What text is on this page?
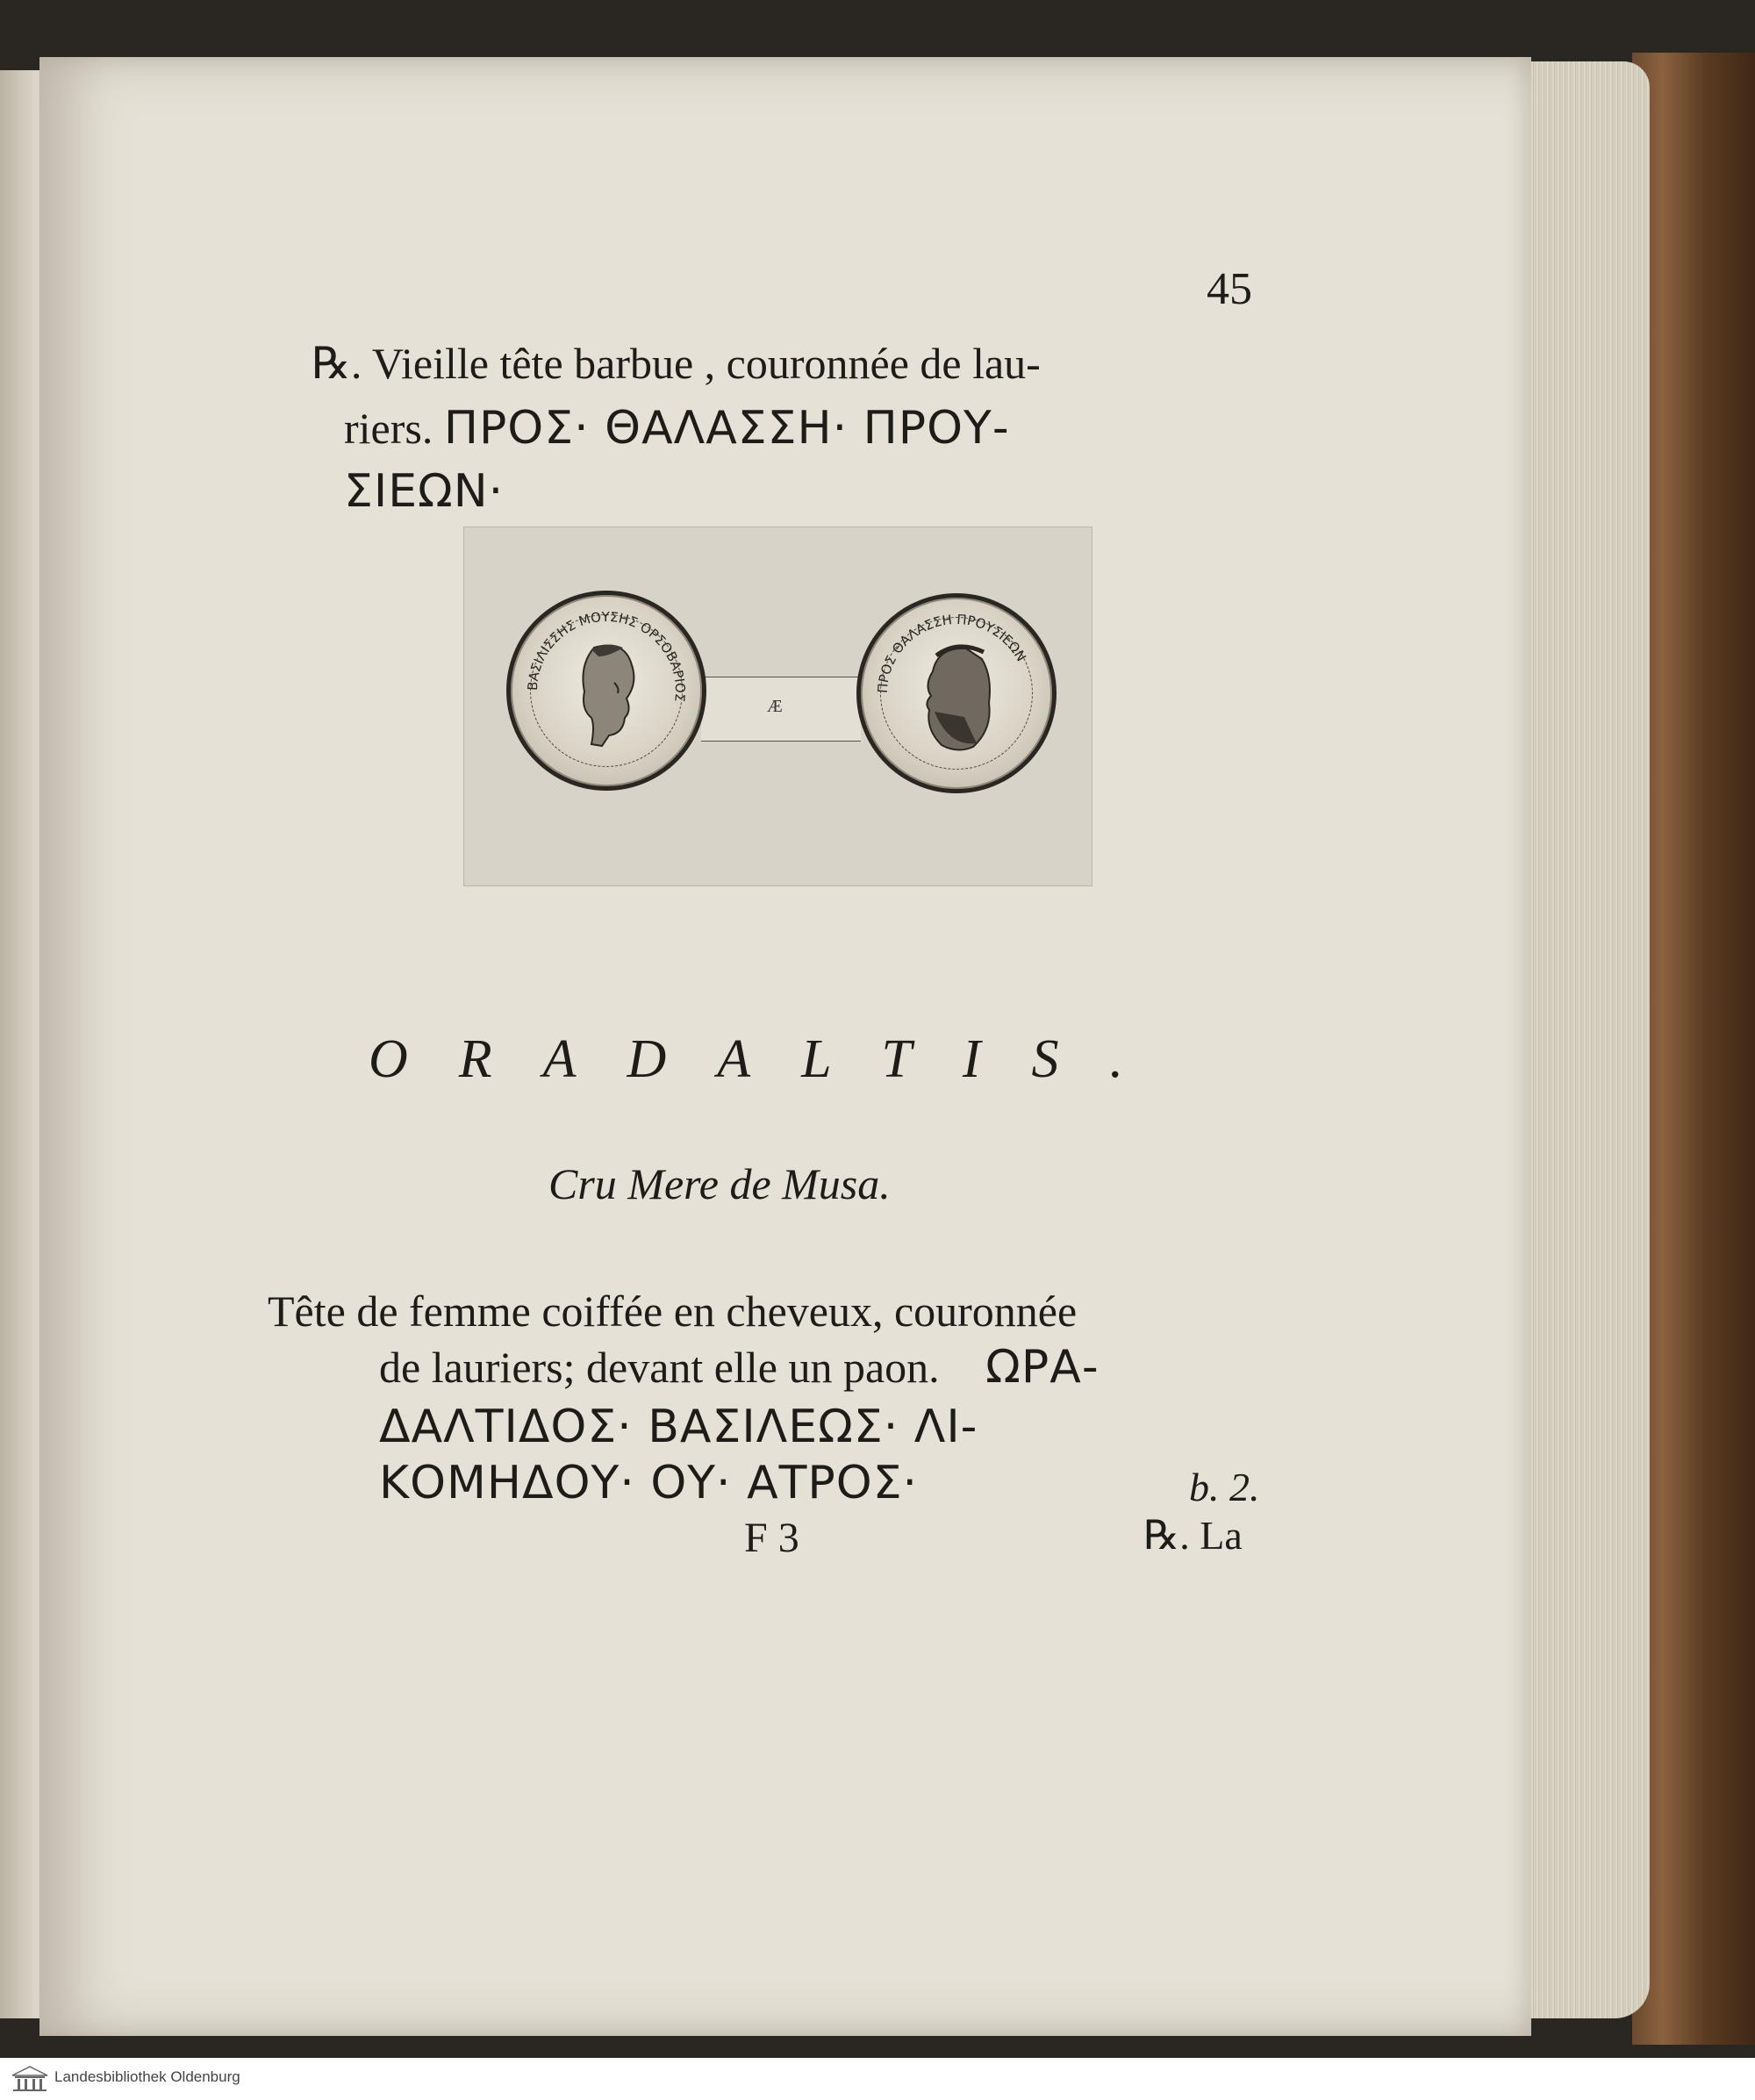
45
℞. Vieille tête barbue , couronnée de lau-
riers. ΠΡΟΣ· ΘΑΛΑΣΣΗ· ΠΡΟΥ-
ΣΙΕΩΝ·
Æ
ΒΑΣΙΛΙΣΣΗΣ ΜΟΥΣΗΣ ΟΡΣΟΒΑΡΙΟΣ
ΠΡΟΣ ΘΑΛΑΣΣΗ ΠΡΟΥΣΙΕΩΝ
ORADALTIS.
Cru Mere de Musa.
Tête de femme coiffée en cheveux, couronnée
de lauriers; devant elle un paon. ΩΡΑ-
ΔΑΛΤΙΔΟΣ· ΒΑΣΙΛΕΩΣ· ΛΙ-
ΚΟΜΗΔΟΥ· ΟΥ· ΑΤΡΟΣ·	b. 2.
F 3	℞. La
Landesbibliothek Oldenburg
